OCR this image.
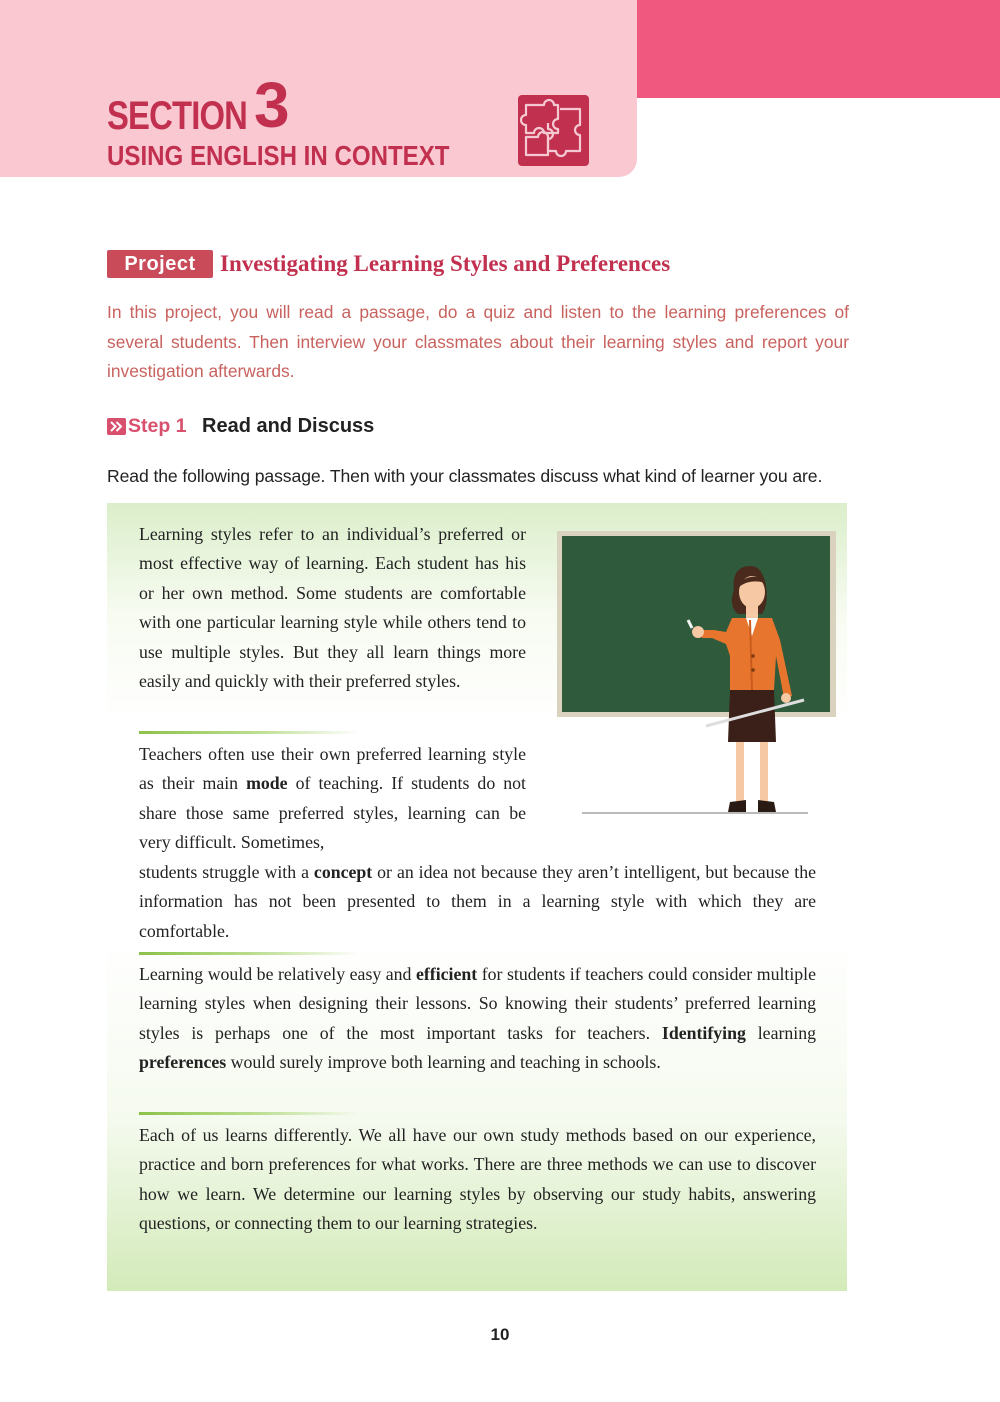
SECTION 3
USING ENGLISH IN CONTEXT
Project	Investigating Learning Styles and Preferences

In this project, you will read a passage, do a quiz and listen to the learning preferences of several students. Then interview your classmates about their learning styles and report your investigation afterwards.

Step 1 Read and Discuss
Read the following passage. Then with your classmates discuss what kind of learner you are.

Learning styles refer to an individual’s preferred or most effective way of learning. Each student has his or her own method. Some students are comfortable with one particular learning style while others tend to use multiple styles. But they all learn things more easily and quickly with their preferred styles.

Teachers often use their own preferred learning style as their main mode of teaching. If students do not share those same preferred styles, learning can be very difficult. Sometimes,

students struggle with a concept or an idea not because they aren’t intelligent, but because the information has not been presented to them in a learning style with which they are comfortable.

Learning would be relatively easy and efficient for students if teachers could consider multiple learning styles when designing their lessons. So knowing their students’ preferred learning styles is perhaps one of the most important tasks for teachers. Identifying learning preferences would surely improve both learning and teaching in schools.

Each of us learns differently. We all have our own study methods based on our experience, practice and born preferences for what works. There are three methods we can use to discover how we learn. We determine our learning styles by observing our study habits, answering questions, or connecting them to our learning strategies.

10
